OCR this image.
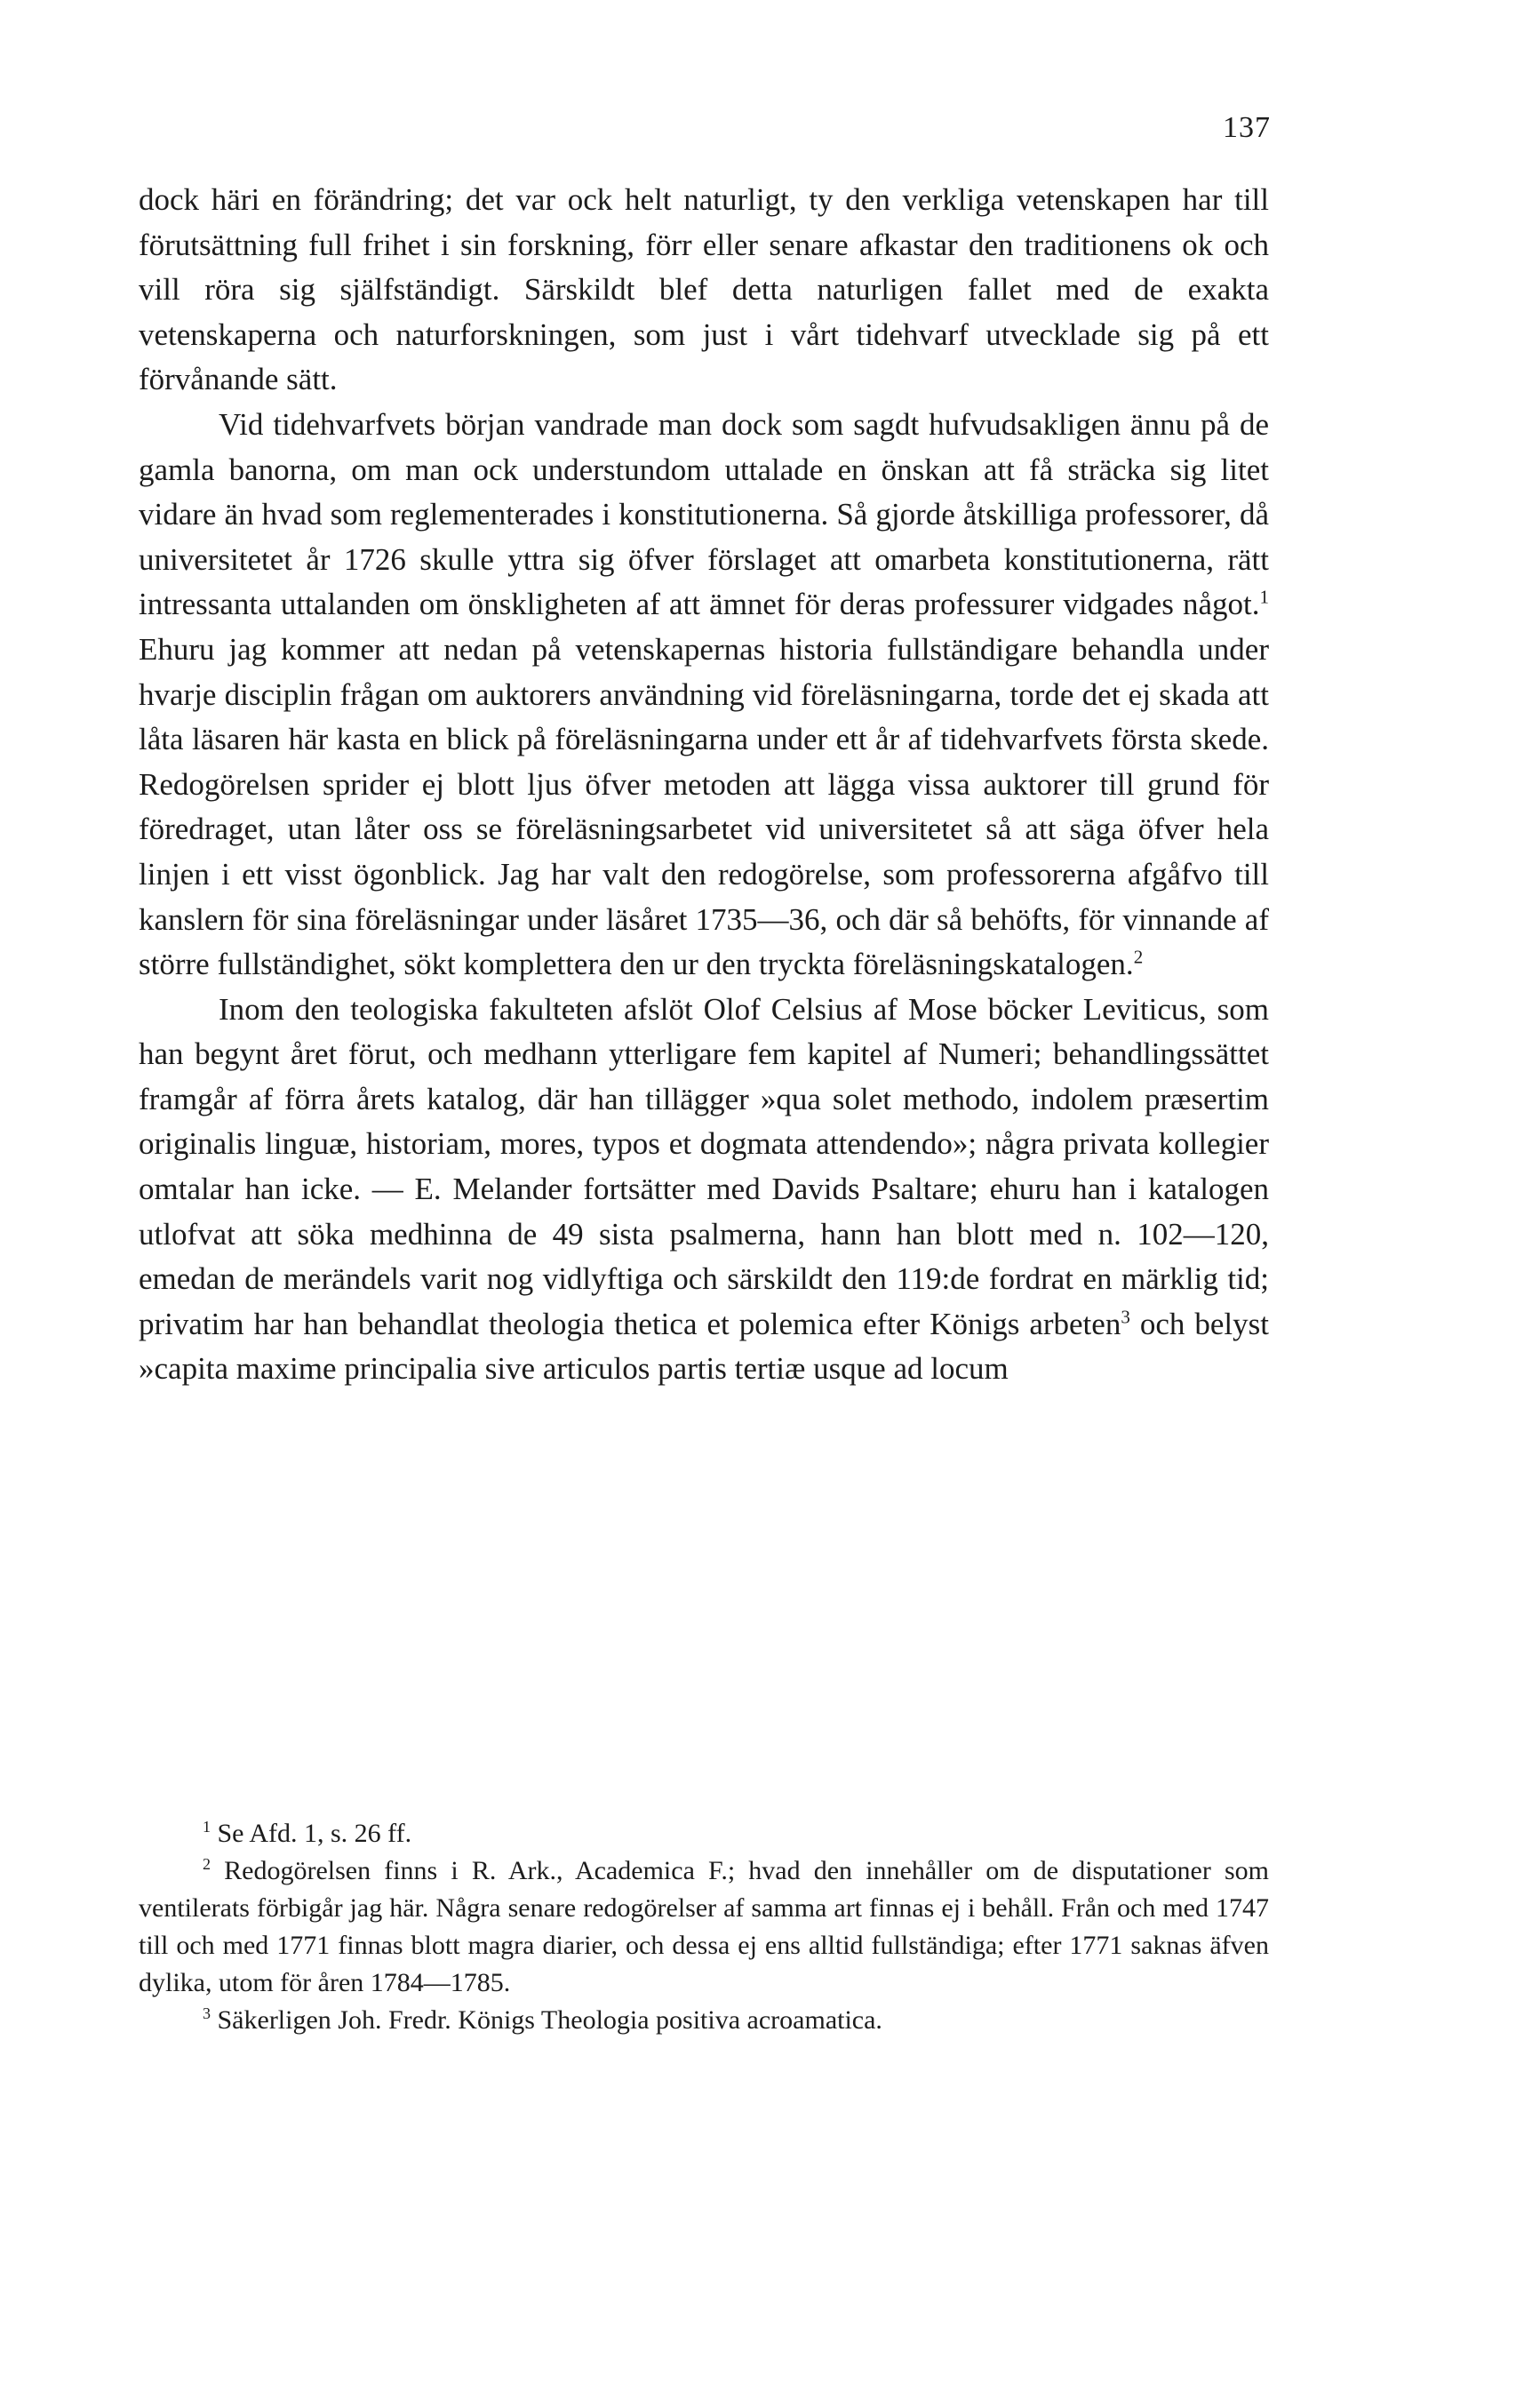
137

dock häri en förändring; det var ock helt naturligt, ty den verkliga vetenskapen har till förutsättning full frihet i sin forskning, förr eller senare afkastar den traditionens ok och vill röra sig själfständigt. Särskildt blef detta naturligen fallet med de exakta vetenskaperna och naturforskningen, som just i vårt tidehvarf utvecklade sig på ett förvånande sätt.

Vid tidehvarfvets början vandrade man dock som sagdt hufvudsakligen ännu på de gamla banorna, om man ock understundom uttalade en önskan att få sträcka sig litet vidare än hvad som reglementerades i konstitutionerna. Så gjorde åtskilliga professorer, då universitetet år 1726 skulle yttra sig öfver förslaget att omarbeta konstitutionerna, rätt intressanta uttalanden om önskligheten af att ämnet för deras professurer vidgades något.$^1$ Ehuru jag kommer att nedan på vetenskapernas historia fullständigare behandla under hvarje disciplin frågan om auktorers användning vid föreläsningarna, torde det ej skada att låta läsaren här kasta en blick på föreläsningarna under ett år af tidehvarfvets första skede. Redogörelsen sprider ej blott ljus öfver metoden att lägga vissa auktorer till grund för föredraget, utan låter oss se föreläsningsarbetet vid universitetet så att säga öfver hela linjen i ett visst ögonblick. Jag har valt den redogörelse, som professorerna afgåfvo till kanslern för sina föreläsningar under läsåret 1735—36, och där så behöfts, för vinnande af större fullständighet, sökt komplettera den ur den tryckta föreläsningskatalogen.$^2$

Inom den teologiska fakulteten afslöt Olof Celsius af Mose böcker Leviticus, som han begynt året förut, och medhann ytterligare fem kapitel af Numeri; behandlingssättet framgår af förra årets katalog, där han tillägger »qua solet methodo, indolem præsertim originalis linguæ, historiam, mores, typos et dogmata attendendo»; några privata kollegier omtalar han icke. — E. Melander fortsätter med Davids Psaltare; ehuru han i katalogen utlofvat att söka medhinna de 49 sista psalmerna, hann han blott med n. 102—120, emedan de merändels varit nog vidlyftiga och särskildt den 119:de fordrat en märklig tid; privatim har han behandlat theologia thetica et polemica efter Königs arbeten$^3$ och belyst »capita maxime principalia sive articulos partis tertiæ usque ad locum

$^1$ Se Afd. 1, s. 26 ff.

$^2$ Redogörelsen finns i R. Ark., Academica F.; hvad den innehåller om de disputationer som ventilerats förbigår jag här. Några senare redogörelser af samma art finnas ej i behåll. Från och med 1747 till och med 1771 finnas blott magra diarier, och dessa ej ens alltid fullständiga; efter 1771 saknas äfven dylika, utom för åren 1784—1785.

$^3$ Säkerligen Joh. Fredr. Königs Theologia positiva acroamatica.
